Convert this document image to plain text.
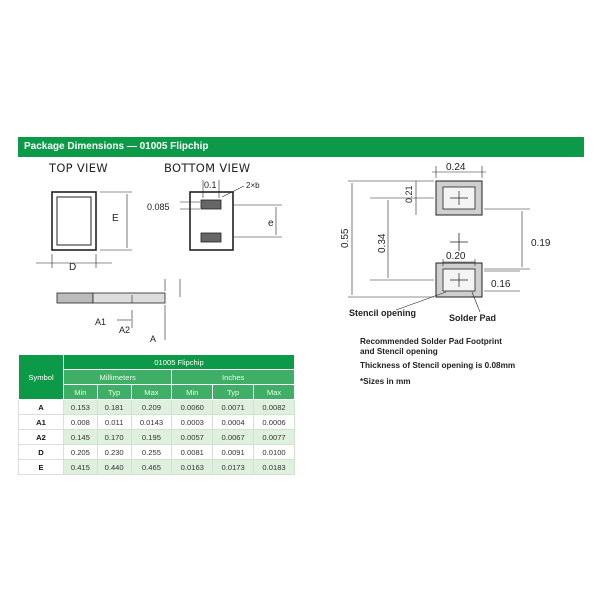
Package Dimensions — 01005 Flipchip
TOP VIEW	BOTTOM VIEW
E
D
0.1
0.085
2×b
e
A1
A2
A
0.24
0.21
0.55	0.34	0.19
0.20
0.16
Stencil opening	Solder Pad
Recommended Solder Pad Footprint
and Stencil opening
Thickness of Stencil opening is 0.08mm
*Sizes in mm
Symbol	01005 Flipchip					
	Millimeters			Inches		
	Min	Typ	Max	Min	Typ	Max
A	0.153	0.181	0.209	0.0060	0.0071	0.0082
A1	0.008	0.011	0.0143	0.0003	0.0004	0.0006
A2	0.145	0.170	0.195	0.0057	0.0067	0.0077
D	0.205	0.230	0.255	0.0081	0.0091	0.0100
E	0.415	0.440	0.465	0.0163	0.0173	0.0183
